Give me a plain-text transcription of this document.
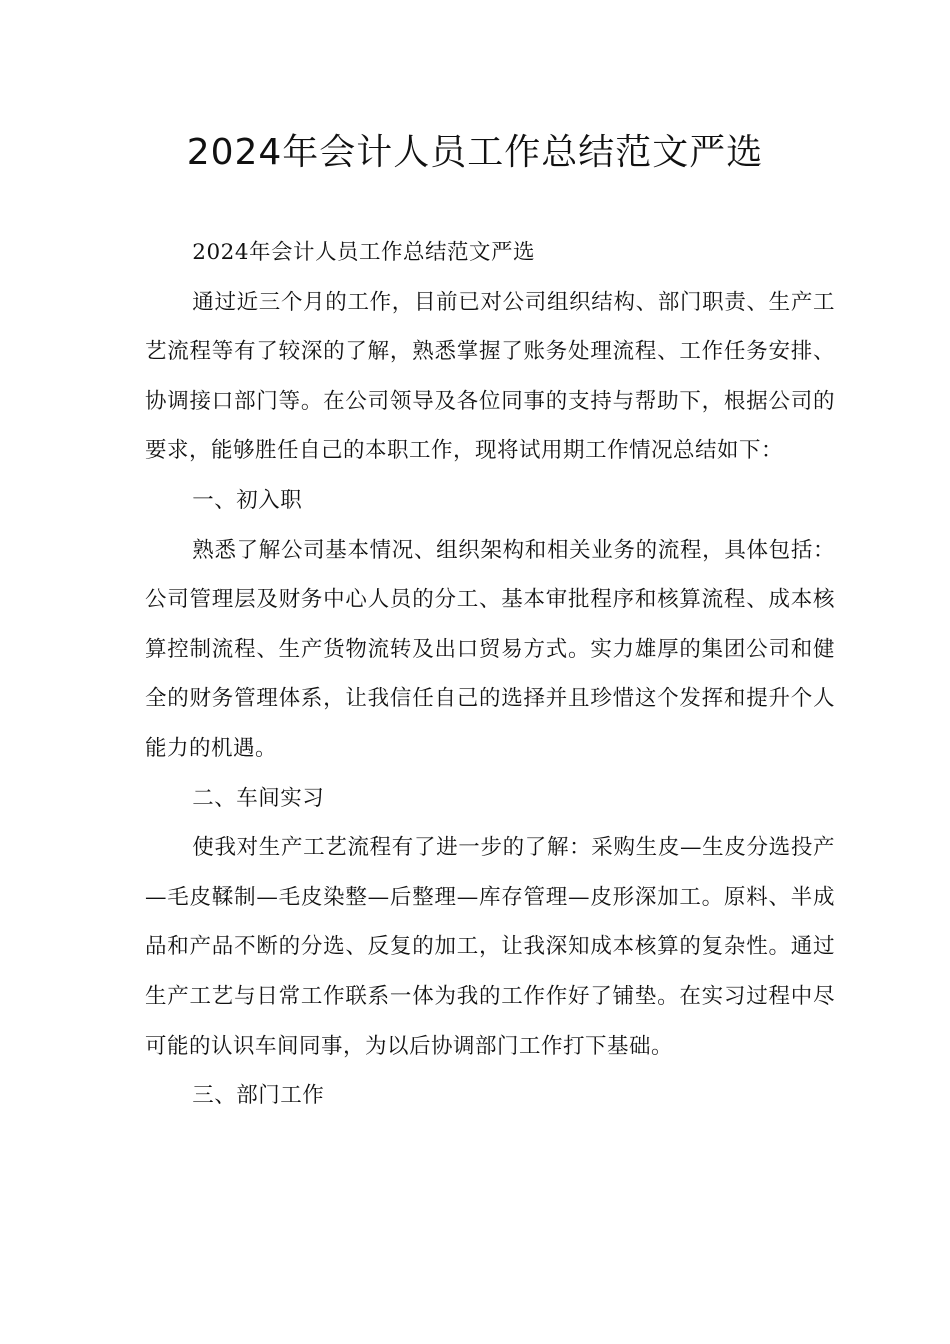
2024年会计人员工作总结范文严选

2024年会计人员工作总结范文严选

通过近三个月的工作，目前已对公司组织结构、部门职责、生产工艺流程等有了较深的了解，熟悉掌握了账务处理流程、工作任务安排、协调接口部门等。在公司领导及各位同事的支持与帮助下，根据公司的要求，能够胜任自己的本职工作，现将试用期工作情况总结如下：

一、初入职

熟悉了解公司基本情况、组织架构和相关业务的流程，具体包括：公司管理层及财务中心人员的分工、基本审批程序和核算流程、成本核算控制流程、生产货物流转及出口贸易方式。实力雄厚的集团公司和健全的财务管理体系，让我信任自己的选择并且珍惜这个发挥和提升个人能力的机遇。

二、车间实习

使我对生产工艺流程有了进一步的了解：采购生皮—生皮分选投产—毛皮鞣制—毛皮染整—后整理—库存管理—皮形深加工。原料、半成品和产品不断的分选、反复的加工，让我深知成本核算的复杂性。通过生产工艺与日常工作联系一体为我的工作作好了铺垫。在实习过程中尽可能的认识车间同事，为以后协调部门工作打下基础。

三、部门工作
